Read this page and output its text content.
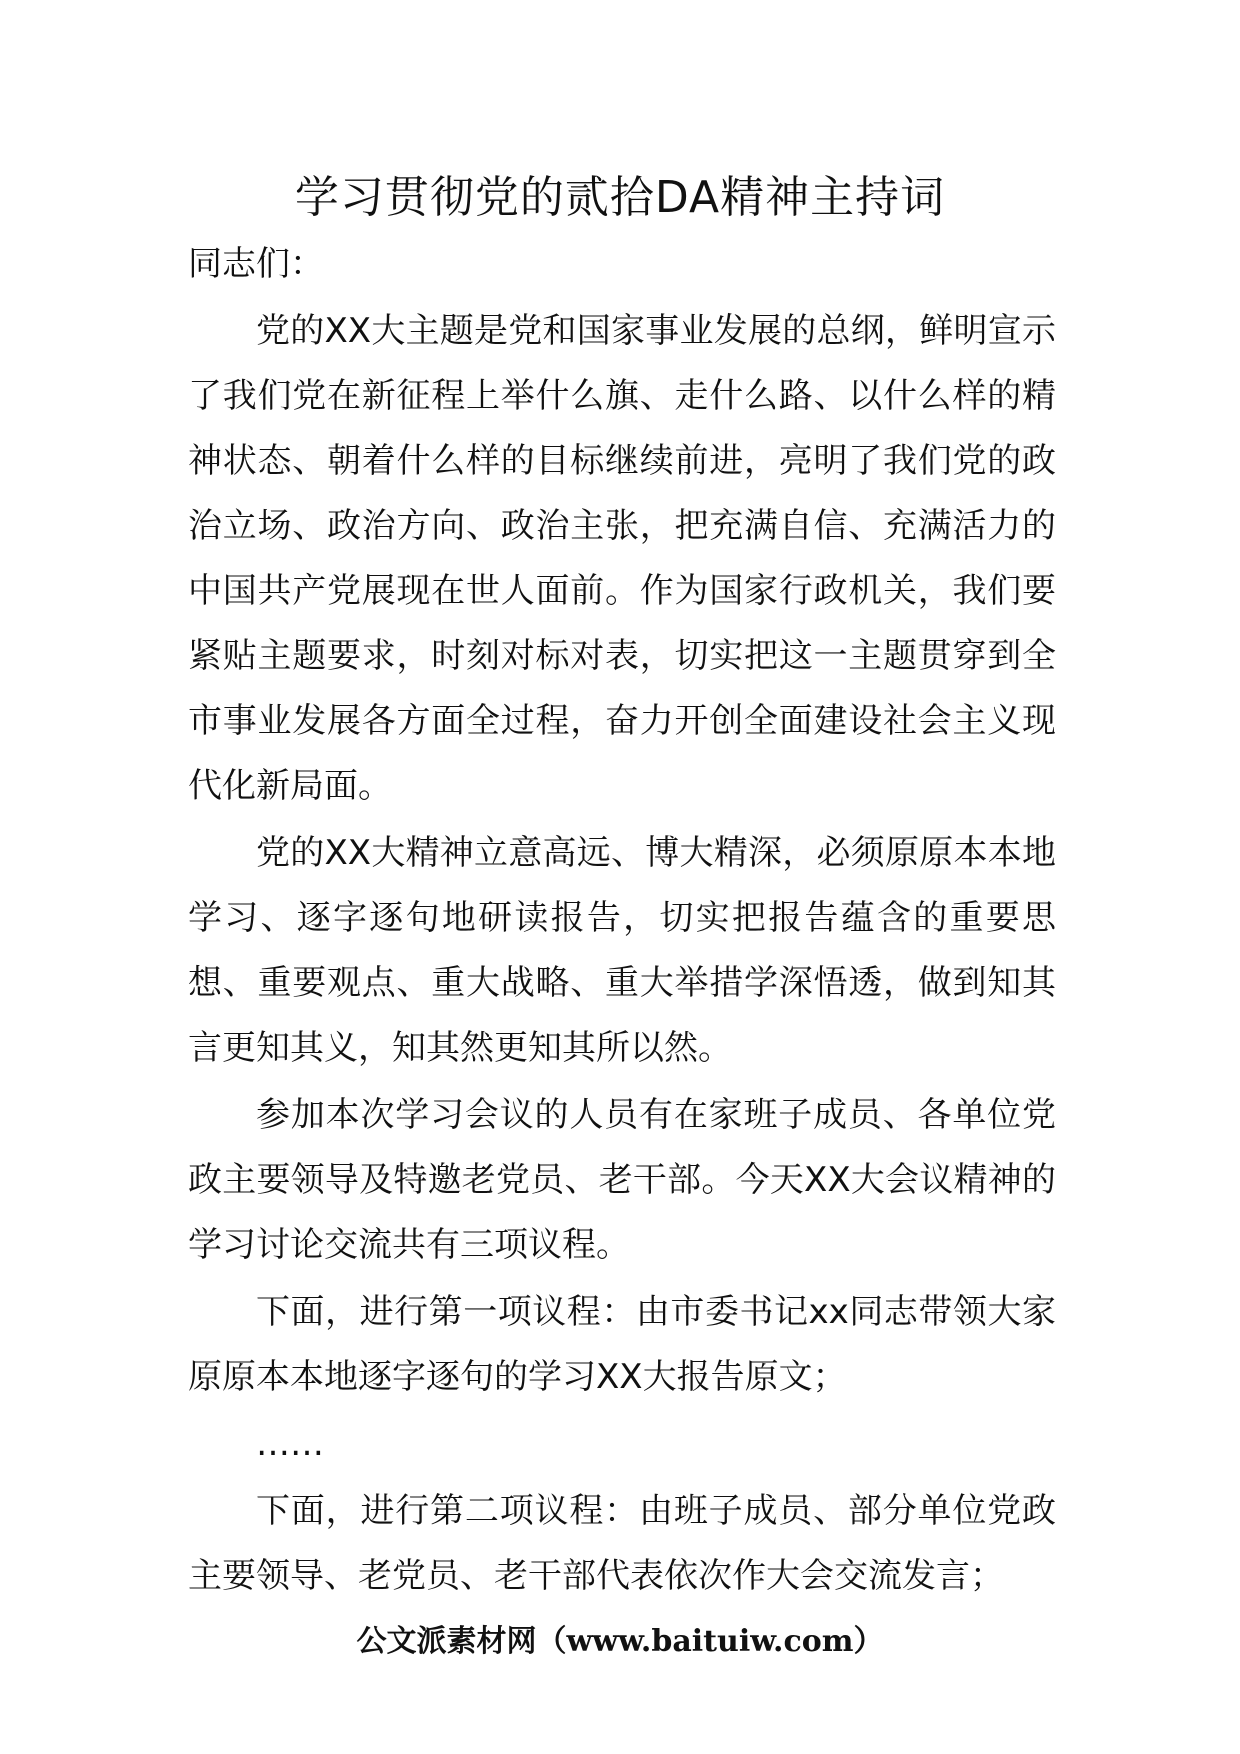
学习贯彻党的贰拾DA精神主持词

同志们：

党的XX大主题是党和国家事业发展的总纲，鲜明宣示了我们党在新征程上举什么旗、走什么路、以什么样的精神状态、朝着什么样的目标继续前进，亮明了我们党的政治立场、政治方向、政治主张，把充满自信、充满活力的中国共产党展现在世人面前。作为国家行政机关，我们要紧贴主题要求，时刻对标对表，切实把这一主题贯穿到全市事业发展各方面全过程，奋力开创全面建设社会主义现代化新局面。

党的XX大精神立意高远、博大精深，必须原原本本地学习、逐字逐句地研读报告，切实把报告蕴含的重要思想、重要观点、重大战略、重大举措学深悟透，做到知其言更知其义，知其然更知其所以然。

参加本次学习会议的人员有在家班子成员、各单位党政主要领导及特邀老党员、老干部。今天XX大会议精神的学习讨论交流共有三项议程。

下面，进行第一项议程：由市委书记xx同志带领大家原原本本地逐字逐句的学习XX大报告原文；

……

下面，进行第二项议程：由班子成员、部分单位党政主要领导、老党员、老干部代表依次作大会交流发言；

公文派素材网（www.baituiw.com）
